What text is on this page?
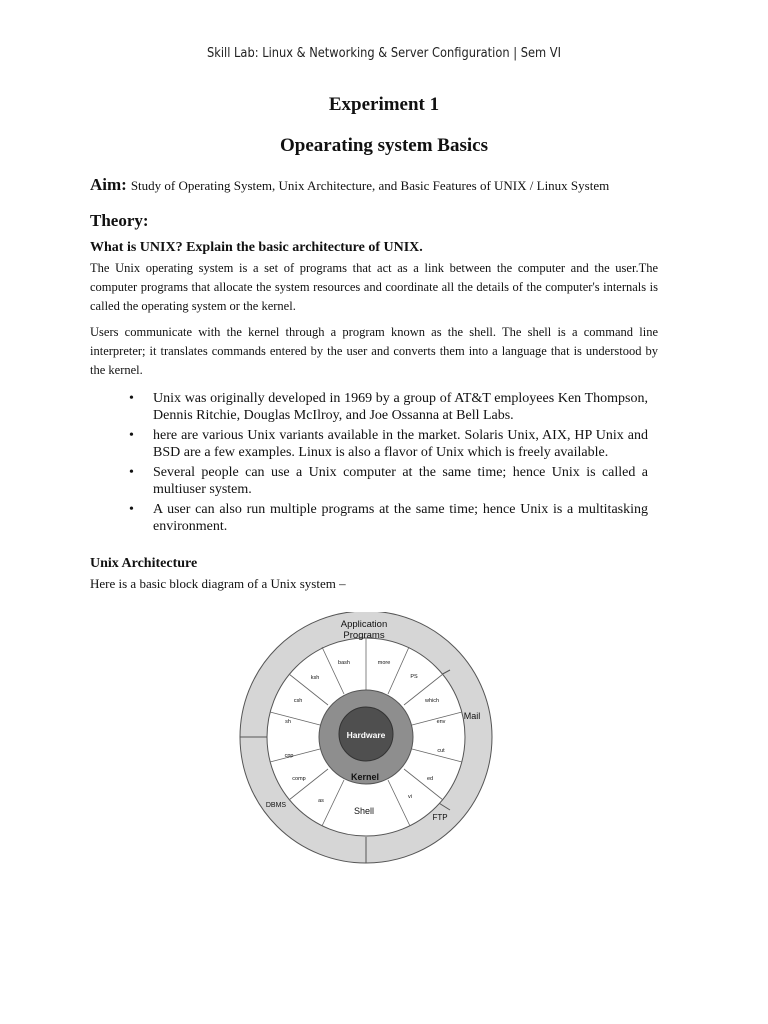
Skill Lab: Linux & Networking & Server Configuration | Sem VI
Experiment 1
Opearating system Basics
Aim: Study of Operating System, Unix Architecture, and Basic Features of UNIX / Linux System
Theory:
What is UNIX? Explain the basic architecture of UNIX.
The Unix operating system is a set of programs that act as a link between the computer and the user.The computer programs that allocate the system resources and coordinate all the details of the computer's internals is called the operating system or the kernel.
Users communicate with the kernel through a program known as the shell. The shell is a command line interpreter; it translates commands entered by the user and converts them into a language that is understood by the kernel.
• Unix was originally developed in 1969 by a group of AT&T employees Ken Thompson, Dennis Ritchie, Douglas McIlroy, and Joe Ossanna at Bell Labs.
• here are various Unix variants available in the market. Solaris Unix, AIX, HP Unix and BSD are a few examples. Linux is also a flavor of Unix which is freely available.
• Several people can use a Unix computer at the same time; hence Unix is called a multiuser system.
• A user can also run multiple programs at the same time; hence Unix is a multitasking environment.
Unix Architecture
Here is a basic block diagram of a Unix system –
Application
Programs
Mail
FTP
DBMS
bash	more
PS
which
env
cut
ed
vi
Shell
as
comp
cpp
sh
csh
ksh
Kernel
Hardware
